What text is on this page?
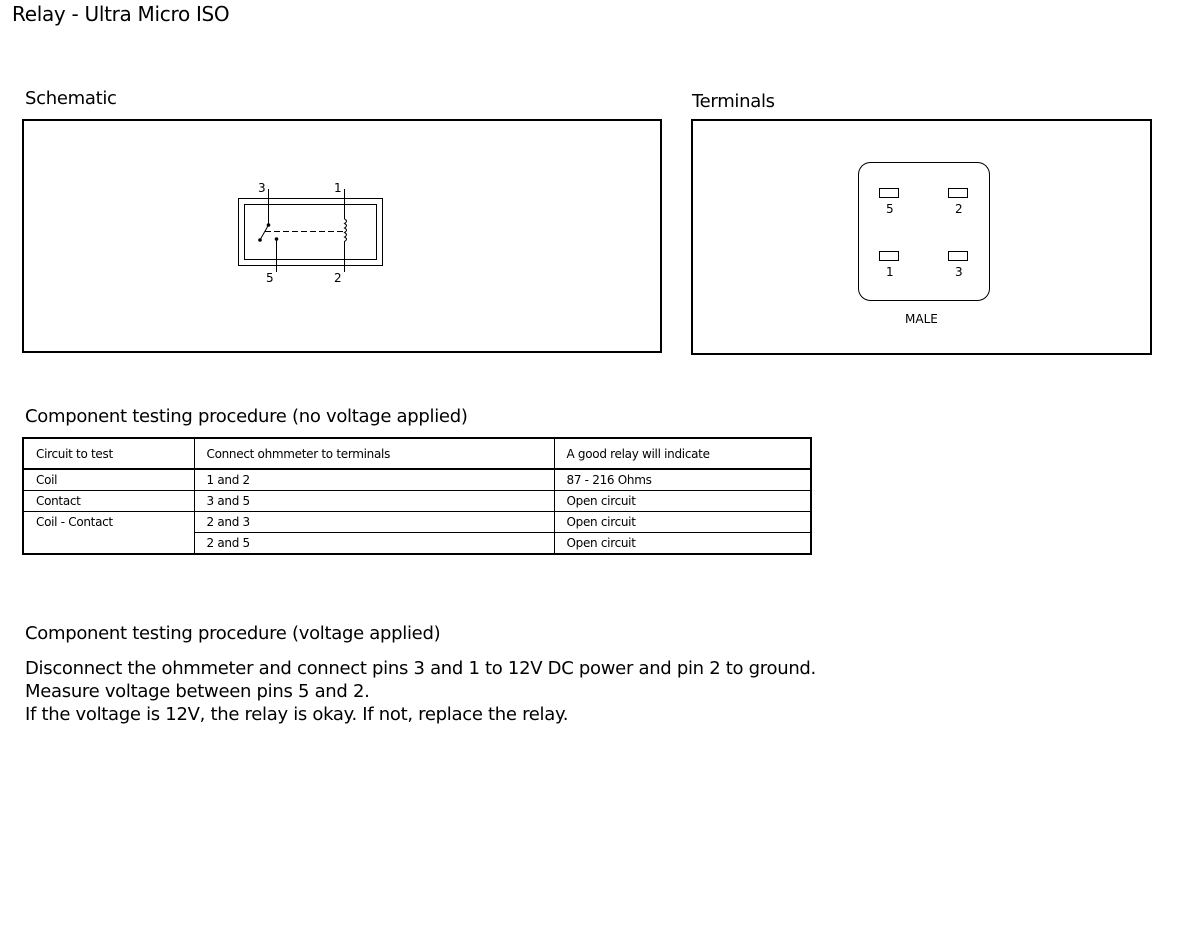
Relay - Ultra Micro ISO
Schematic
3	1
5	2
Terminals
5	2
1	3
MALE
Component testing procedure (no voltage applied)
Circuit to test	Connect ohmmeter to terminals	A good relay will indicate
Coil	1 and 2	87 - 216 Ohms
Contact	3 and 5	Open circuit
Coil - Contact	2 and 3	Open circuit
	2 and 5	Open circuit
Component testing procedure (voltage applied)
Disconnect the ohmmeter and connect pins 3 and 1 to 12V DC power and pin 2 to ground.
Measure voltage between pins 5 and 2.
If the voltage is 12V, the relay is okay. If not, replace the relay.
